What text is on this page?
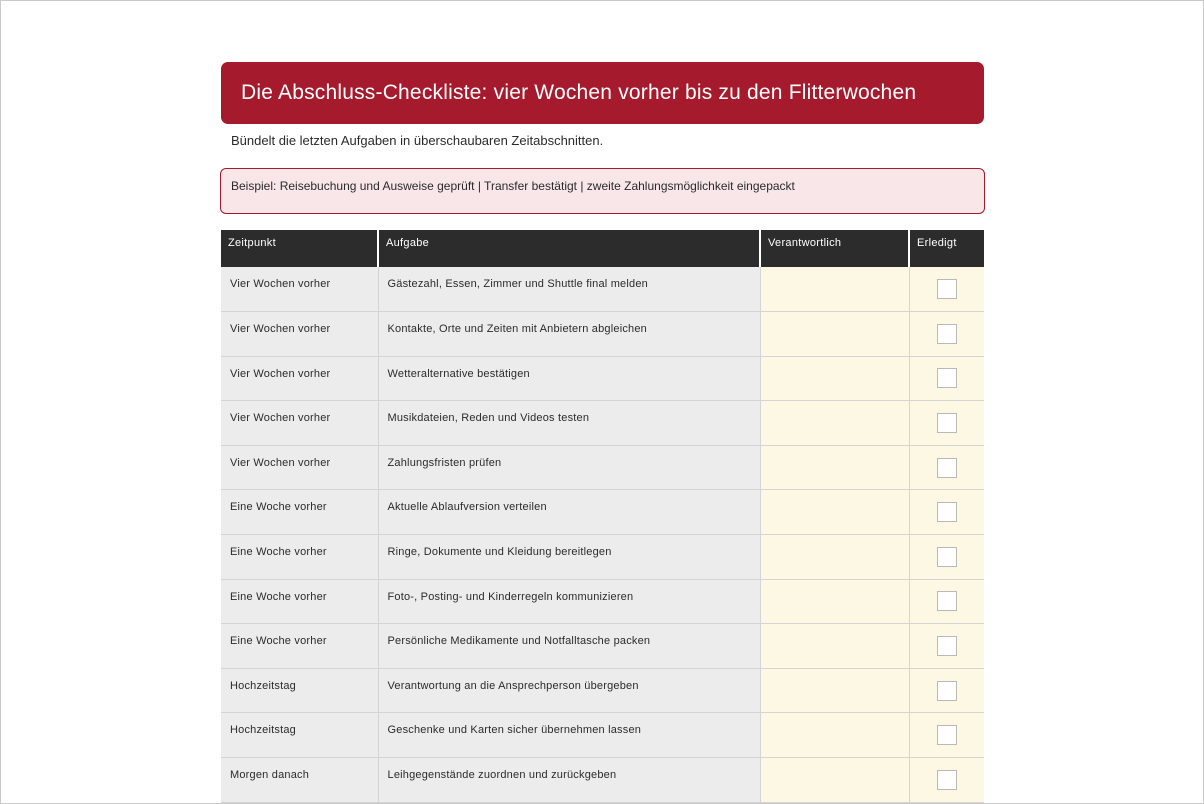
Die Abschluss-Checkliste: vier Wochen vorher bis zu den Flitterwochen
Bündelt die letzten Aufgaben in überschaubaren Zeitabschnitten.
Beispiel: Reisebuchung und Ausweise geprüft | Transfer bestätigt | zweite Zahlungsmöglichkeit eingepackt
Zeitpunkt	Aufgabe	Verantwortlich	Erledigt
Vier Wochen vorher	Gästezahl, Essen, Zimmer und Shuttle final melden		

Vier Wochen vorher	Kontakte, Orte und Zeiten mit Anbietern abgleichen		

Vier Wochen vorher	Wetteralternative bestätigen		

Vier Wochen vorher	Musikdateien, Reden und Videos testen		

Vier Wochen vorher	Zahlungsfristen prüfen		

Eine Woche vorher	Aktuelle Ablaufversion verteilen		

Eine Woche vorher	Ringe, Dokumente und Kleidung bereitlegen		

Eine Woche vorher	Foto-, Posting- und Kinderregeln kommunizieren		

Eine Woche vorher	Persönliche Medikamente und Notfalltasche packen		

Hochzeitstag	Verantwortung an die Ansprechperson übergeben		

Hochzeitstag	Geschenke und Karten sicher übernehmen lassen		

Morgen danach	Leihgegenstände zuordnen und zurückgeben		
